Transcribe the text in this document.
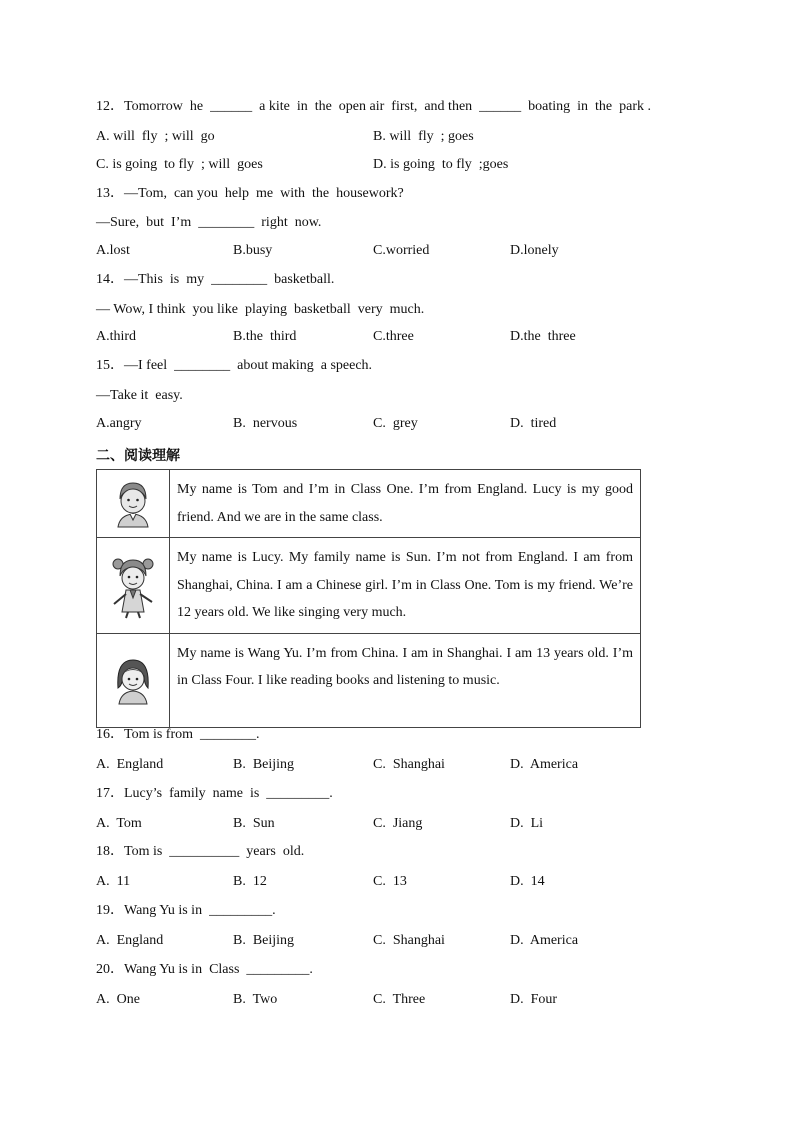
12．Tomorrow  he  ______  a kite  in  the  open air  first,  and then  ______  boating  in  the  park .
A. will  fly  ; will  go	B. will  fly  ; goes
C. is going  to fly  ; will  goes	D. is going  to fly  ;goes
13．—Tom,  can you  help  me  with  the  housework?
—Sure,  but  I’m  ________  right  now.
A.lost	B.busy	C.worried	D.lonely
14．—This  is  my  ________  basketball.
— Wow, I think  you like  playing  basketball  very  much.
A.third	B.the  third	C.three	D.the  three
15．—I feel  ________  about making  a speech.
—Take it  easy.
A.angry	B.  nervous	C.  grey	D.  tired
二、阅读理解
	My name is Tom and I’m in Class One. I’m from England. Lucy is my good friend. And we are in the same class.

	My name is Lucy. My family name is Sun. I’m not from England. I am from Shanghai, China. I am a Chinese girl. I’m in Class One. Tom is my friend. We’re 12 years old. We like singing very much.

	My name is Wang Yu. I’m from China. I am in Shanghai. I am 13 years old. I’m in Class Four. I like reading books and listening to music.
16．Tom is from  ________.
A.  England	B.  Beijing	C.  Shanghai	D.  America
17．Lucy’s  family  name  is  _________.
A.  Tom	B.  Sun	C.  Jiang	D.  Li
18．Tom is  __________  years  old.
A.  11	B.  12	C.  13	D.  14
19．Wang Yu is in  _________.
A.  England	B.  Beijing	C.  Shanghai	D.  America
20．Wang Yu is in  Class  _________.
A.  One	B.  Two	C.  Three	D.  Four
